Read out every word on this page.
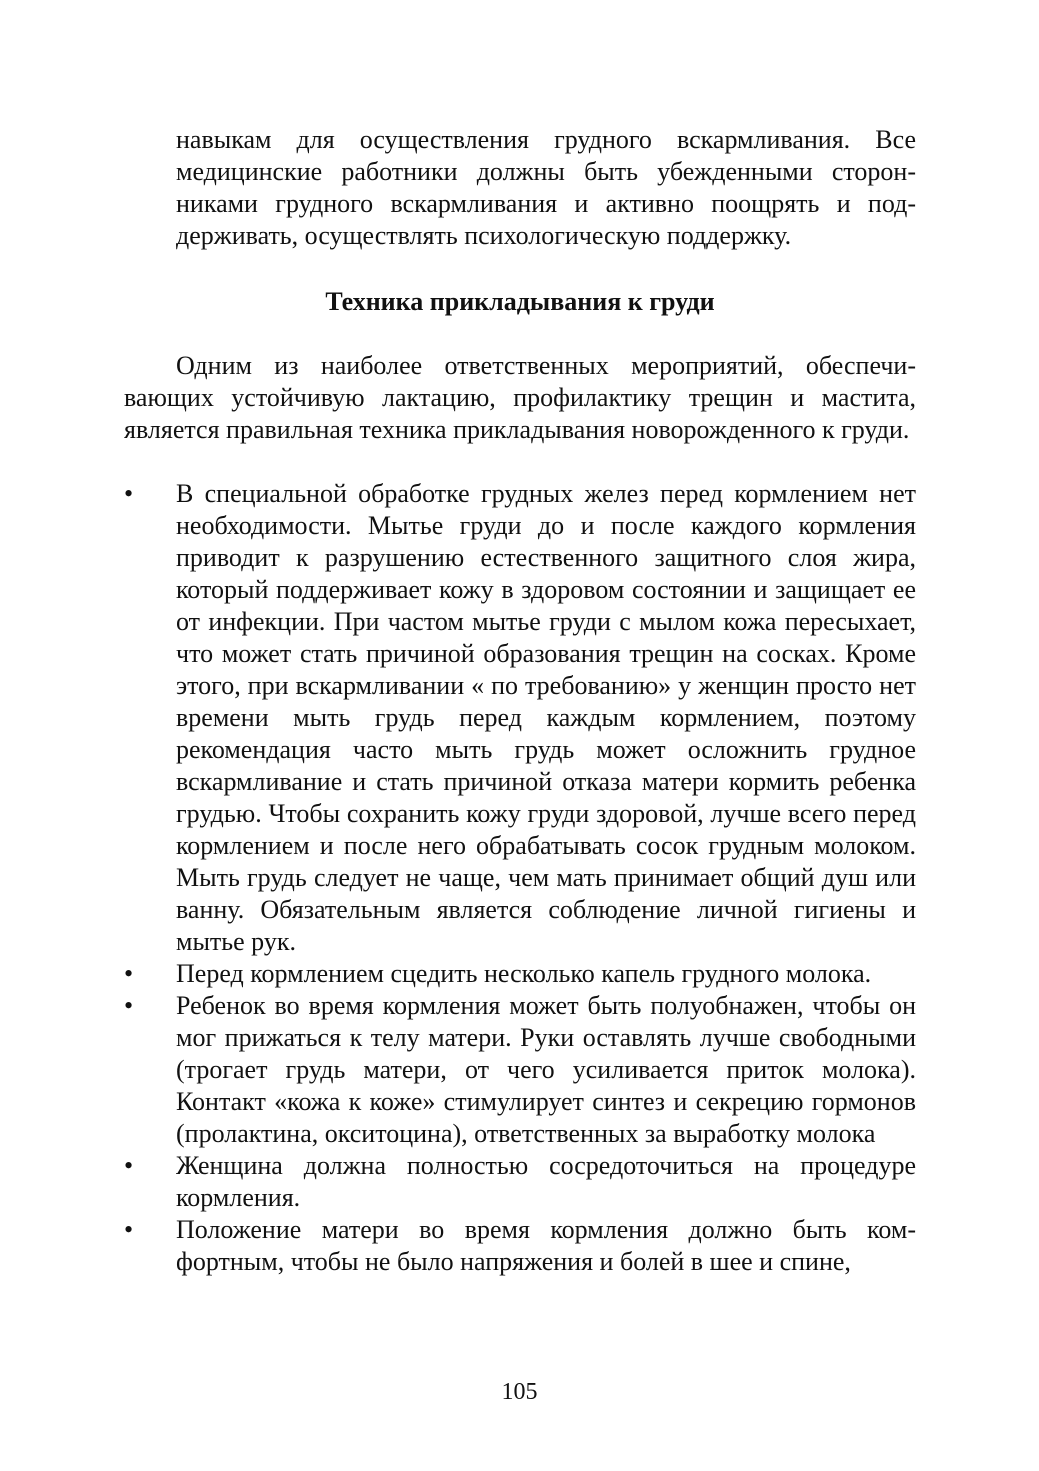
навыкам для осуществления грудного вскармливания. Все медицинские работники должны быть убежденными сторонниками грудного вскармливания и активно поощрять и поддерживать, осуществлять психологическую поддержку.

Техника прикладывания к груди

Одним из наиболее ответственных мероприятий, обеспечивающих устойчивую лактацию, профилактику трещин и мастита, является правильная техника прикладывания новорожденного к груди.

• В специальной обработке грудных желез перед кормлением нет необходимости. Мытье груди до и после каждого кормления приводит к разрушению естественного защитного слоя жира, который поддерживает кожу в здоровом состоянии и защищает ее от инфекции. При частом мытье груди с мылом кожа пересыхает, что может стать причиной образования трещин на сосках. Кроме этого, при вскармливании « по требованию» у женщин просто нет времени мыть грудь перед каждым кормлением, поэтому рекомендация часто мыть грудь может осложнить грудное вскармливание и стать причиной отказа матери кормить ребенка грудью. Чтобы сохранить кожу груди здоровой, лучше всего перед кормлением и после него обрабатывать сосок грудным молоком. Мыть грудь следует не чаще, чем мать принимает общий душ или ванну. Обязательным является соблюдение личной гигиены и мытье рук.
• Перед кормлением сцедить несколько капель грудного молока.
• Ребенок во время кормления может быть полуобнажен, чтобы он мог прижаться к телу матери. Руки оставлять лучше свободными (трогает грудь матери, от чего усиливается приток молока). Контакт «кожа к коже» стимулирует синтез и секрецию гормонов (пролактина, окситоцина), ответственных за выработку молока
• Женщина должна полностью сосредоточиться на процедуре кормления.
• Положение матери во время кормления должно быть комфортным, чтобы не было напряжения и болей в шее и спине,
105
